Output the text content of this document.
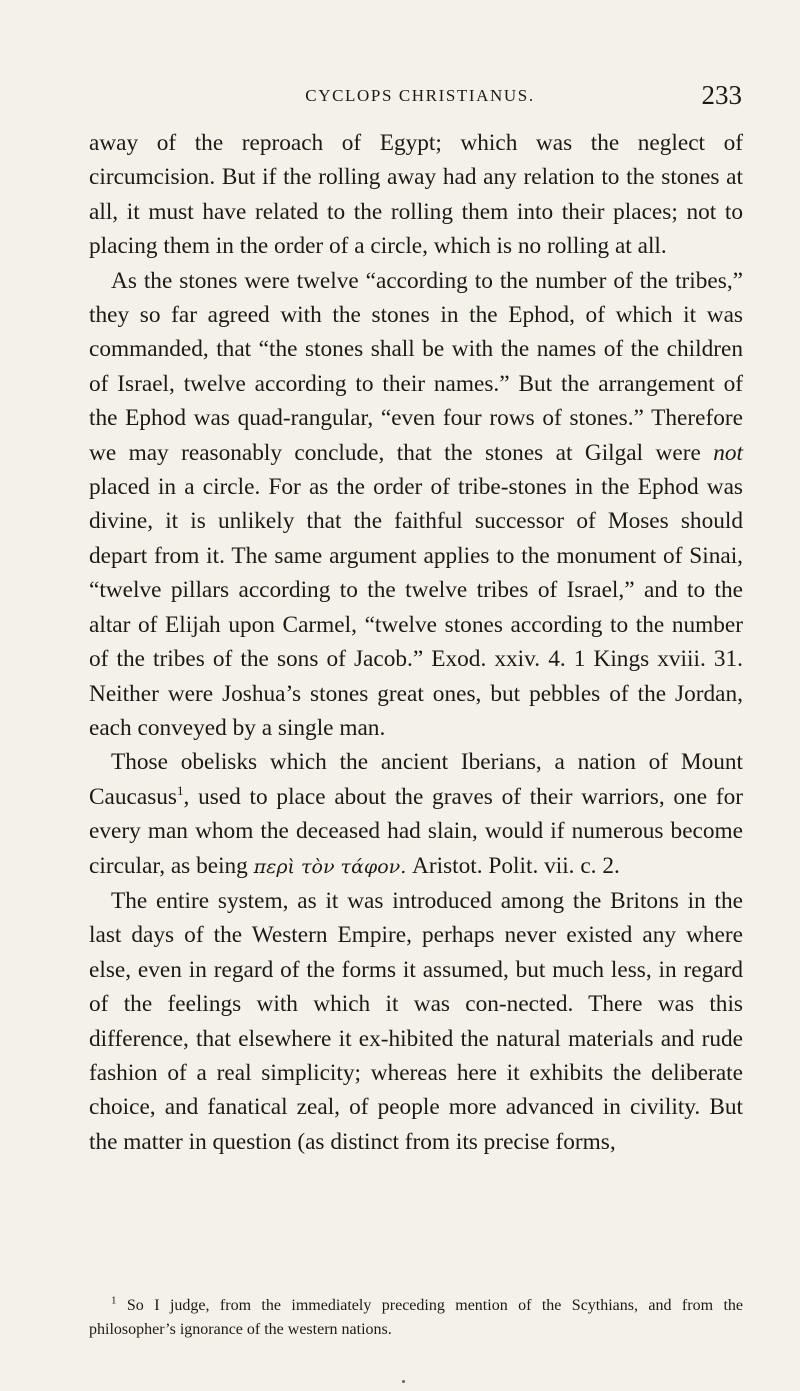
CYCLOPS CHRISTIANUS.	233

away of the reproach of Egypt; which was the neglect of circumcision. But if the rolling away had any relation to the stones at all, it must have related to the rolling them into their places; not to placing them in the order of a circle, which is no rolling at all.

As the stones were twelve “according to the number of the tribes,” they so far agreed with the stones in the Ephod, of which it was commanded, that “the stones shall be with the names of the children of Israel, twelve according to their names.” But the arrangement of the Ephod was quad-rangular, “even four rows of stones.” Therefore we may reasonably conclude, that the stones at Gilgal were not placed in a circle. For as the order of tribe-stones in the Ephod was divine, it is unlikely that the faithful successor of Moses should depart from it. The same argument applies to the monument of Sinai, “twelve pillars according to the twelve tribes of Israel,” and to the altar of Elijah upon Carmel, “twelve stones according to the number of the tribes of the sons of Jacob.” Exod. xxiv. 4. 1 Kings xviii. 31. Neither were Joshua’s stones great ones, but pebbles of the Jordan, each conveyed by a single man.

Those obelisks which the ancient Iberians, a nation of Mount Caucasus$^1$, used to place about the graves of their warriors, one for every man whom the deceased had slain, would if numerous become circular, as being περὶ τὸν τάφον. Aristot. Polit. vii. c. 2.

The entire system, as it was introduced among the Britons in the last days of the Western Empire, perhaps never existed any where else, even in regard of the forms it assumed, but much less, in regard of the feelings with which it was con-nected. There was this difference, that elsewhere it ex-hibited the natural materials and rude fashion of a real simplicity; whereas here it exhibits the deliberate choice, and fanatical zeal, of people more advanced in civility. But the matter in question (as distinct from its precise forms,

$^1$ So I judge, from the immediately preceding mention of the Scythians, and from the philosopher’s ignorance of the western nations.
